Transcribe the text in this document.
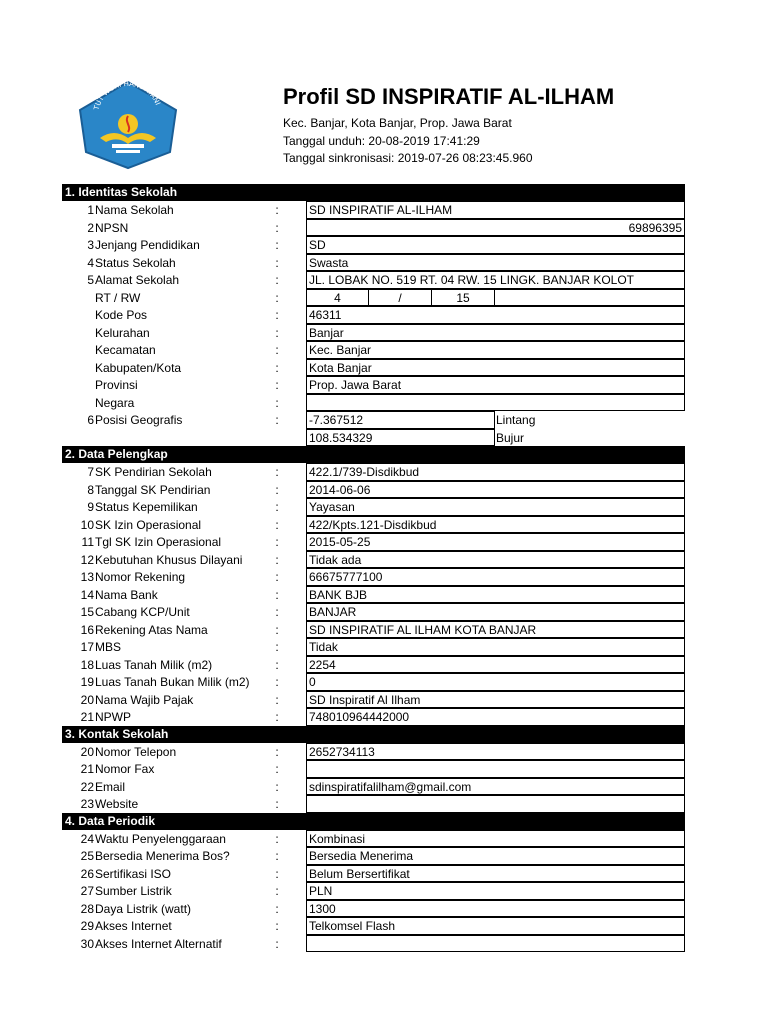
TUT WURI HANDAYANI	Profil SD INSPIRATIF AL-ILHAM
Kec. Banjar, Kota Banjar, Prop. Jawa Barat
Tanggal unduh: 20-08-2019 17:41:29
Tanggal sinkronisasi: 2019-07-26 08:23:45.960
1. Identitas Sekolah
1 Nama Sekolah	:	SD INSPIRATIF AL-ILHAM
2 NPSN	:	69896395
3 Jenjang Pendidikan	:	SD
4 Status Sekolah	:	Swasta
5 Alamat Sekolah	:	JL. LOBAK NO. 519 RT. 04 RW. 15 LINGK. BANJAR KOLOT
RT / RW	:	4	/	15
Kode Pos	:	46311
Kelurahan	:	Banjar
Kecamatan	:	Kec. Banjar
Kabupaten/Kota	:	Kota Banjar
Provinsi	:	Prop. Jawa Barat
Negara	:
6 Posisi Geografis	:	-7.367512	Lintang
108.534329	Bujur
2. Data Pelengkap
7 SK Pendirian Sekolah	:	422.1/739-Disdikbud
8 Tanggal SK Pendirian	:	2014-06-06
9 Status Kepemilikan	:	Yayasan
10 SK Izin Operasional	:	422/Kpts.121-Disdikbud
11 Tgl SK Izin Operasional	:	2015-05-25
12 Kebutuhan Khusus Dilayani	:	Tidak ada
13 Nomor Rekening	:	66675777100
14 Nama Bank	:	BANK BJB
15 Cabang KCP/Unit	:	BANJAR
16 Rekening Atas Nama	:	SD INSPIRATIF AL ILHAM KOTA BANJAR
17 MBS	:	Tidak
18 Luas Tanah Milik (m2)	:	2254
19 Luas Tanah Bukan Milik (m2) :	0
20 Nama Wajib Pajak	:	SD Inspiratif Al Ilham
21 NPWP	:	748010964442000
3. Kontak Sekolah
20 Nomor Telepon	:	2652734113
21 Nomor Fax	:
22 Email	:	sdinspiratifalilham@gmail.com
23 Website	:
4. Data Periodik
24 Waktu Penyelenggaraan	:	Kombinasi
25 Bersedia Menerima Bos?	:	Bersedia Menerima
26 Sertifikasi ISO	:	Belum Bersertifikat
27 Sumber Listrik	:	PLN
28 Daya Listrik (watt)	:	1300
29 Akses Internet	:	Telkomsel Flash
30 Akses Internet Alternatif	:
